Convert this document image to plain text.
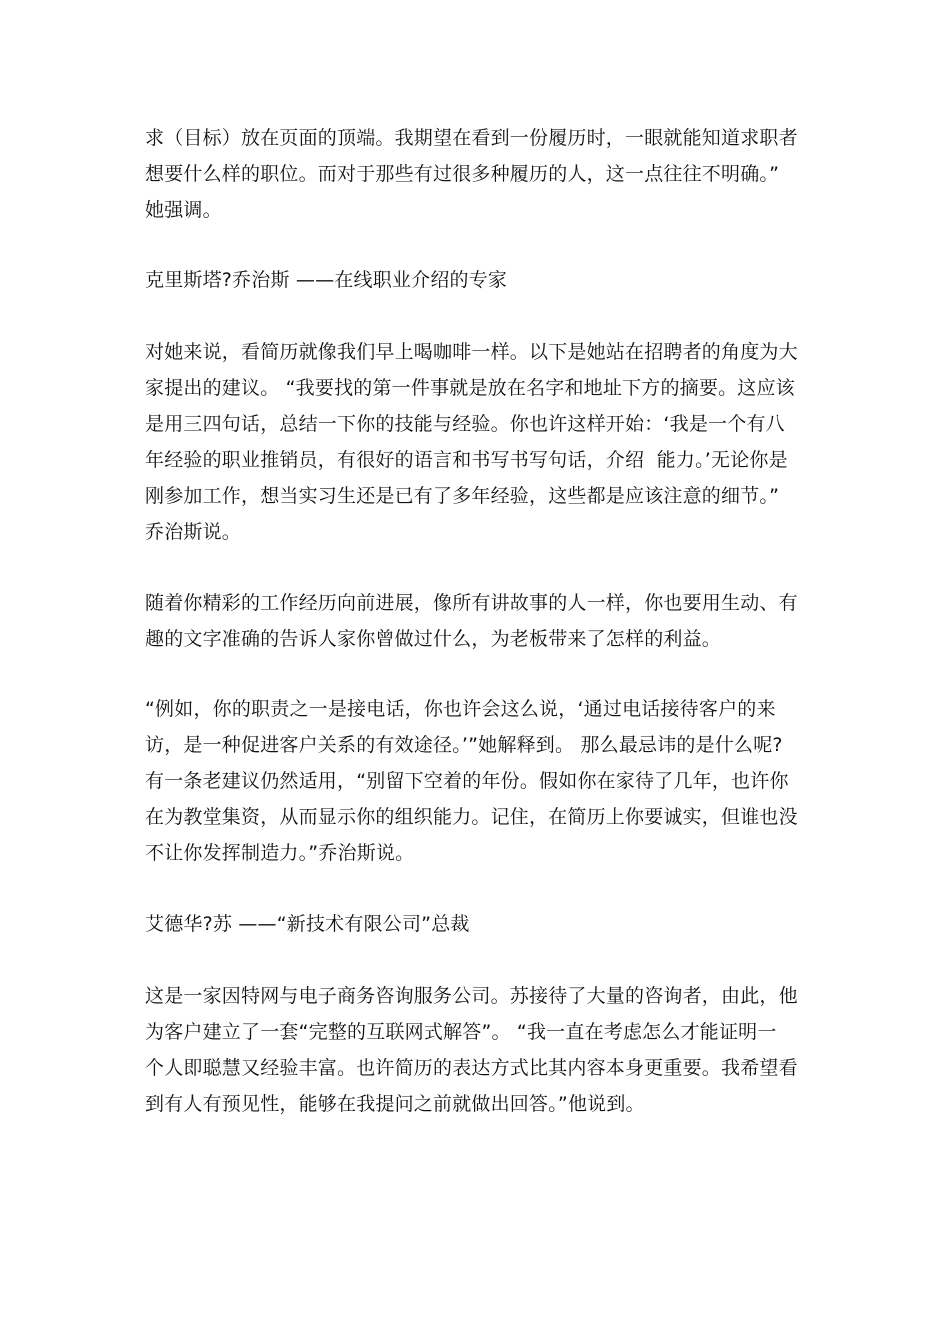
求（目标）放在页面的顶端。我期望在看到一份履历时，一眼就能知道求职者
想要什么样的职位。而对于那些有过很多种履历的人，这一点往往不明确。”
她强调。
克里斯塔?乔治斯 ——在线职业介绍的专家
对她来说，看简历就像我们早上喝咖啡一样。以下是她站在招聘者的角度为大
家提出的建议。 “我要找的第一件事就是放在名字和地址下方的摘要。这应该
是用三四句话，总结一下你的技能与经验。你也许这样开始：‘我是一个有八
年经验的职业推销员，有很好的语言和书写书写句话，介绍  能力。’无论你是
刚参加工作，想当实习生还是已有了多年经验，这些都是应该注意的细节。”
乔治斯说。
随着你精彩的工作经历向前进展，像所有讲故事的人一样，你也要用生动、有
趣的文字准确的告诉人家你曾做过什么，为老板带来了怎样的利益。
“例如，你的职责之一是接电话，你也许会这么说，‘通过电话接待客户的来
访，是一种促进客户关系的有效途径。’”她解释到。 那么最忌讳的是什么呢?
有一条老建议仍然适用，“别留下空着的年份。假如你在家待了几年，也许你
在为教堂集资，从而显示你的组织能力。记住，在简历上你要诚实，但谁也没
不让你发挥制造力。”乔治斯说。
艾德华?苏 ——“新技术有限公司”总裁
这是一家因特网与电子商务咨询服务公司。苏接待了大量的咨询者，由此，他
为客户建立了一套“完整的互联网式解答”。 “我一直在考虑怎么才能证明一
个人即聪慧又经验丰富。也许简历的表达方式比其内容本身更重要。我希望看
到有人有预见性，能够在我提问之前就做出回答。”他说到。
